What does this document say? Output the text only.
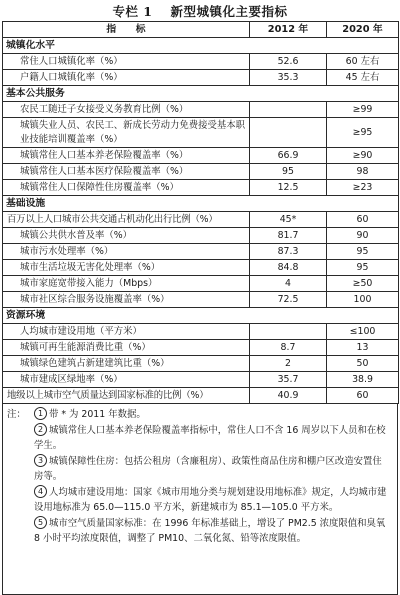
专栏 1 新型城镇化主要指标
指　　标	2012 年	2020 年
城镇化水平		
常住人口城镇化率（%）	52.6	60 左右
户籍人口城镇化率（%）	35.3	45 左右
基本公共服务		
农民工随迁子女接受义务教育比例（%）		≥99
城镇失业人员、农民工、新成长劳动力免费接受基本职业技能培训覆盖率（%）		≥95
城镇常住人口基本养老保险覆盖率（%）	66.9	≥90
城镇常住人口基本医疗保险覆盖率（%）	95	98
城镇常住人口保障性住房覆盖率（%）	12.5	≥23
基础设施		
百万以上人口城市公共交通占机动化出行比例（%）	45*	60
城镇公共供水普及率（%）	81.7	90
城市污水处理率（%）	87.3	95
城市生活垃圾无害化处理率（%）	84.8	95
城市家庭宽带接入能力（Mbps）	4	≥50
城市社区综合服务设施覆盖率（%）	72.5	100
资源环境		
人均城市建设用地（平方米）		≤100
城镇可再生能源消费比重（%）	8.7	13
城镇绿色建筑占新建建筑比重（%）	2	50
城市建成区绿地率（%）	35.7	38.9
地级以上城市空气质量达到国家标准的比例（%）	40.9	60
注：	1 带 * 为 2011 年数据。
2 城镇常住人口基本养老保险覆盖率指标中，常住人口不含 16 周岁以下人员和在校学生。
3 城镇保障性住房：包括公租房（含廉租房）、政策性商品住房和棚户区改造安置住房等。
4 人均城市建设用地：国家《城市用地分类与规划建设用地标准》规定，人均城市建设用地标准为 65.0—115.0 平方米，新建城市为 85.1—105.0 平方米。
5 城市空气质量国家标准：在 1996 年标准基础上，增设了 PM2.5 浓度限值和臭氧 8 小时平均浓度限值，调整了 PM10、二氧化氮、铅等浓度限值。
